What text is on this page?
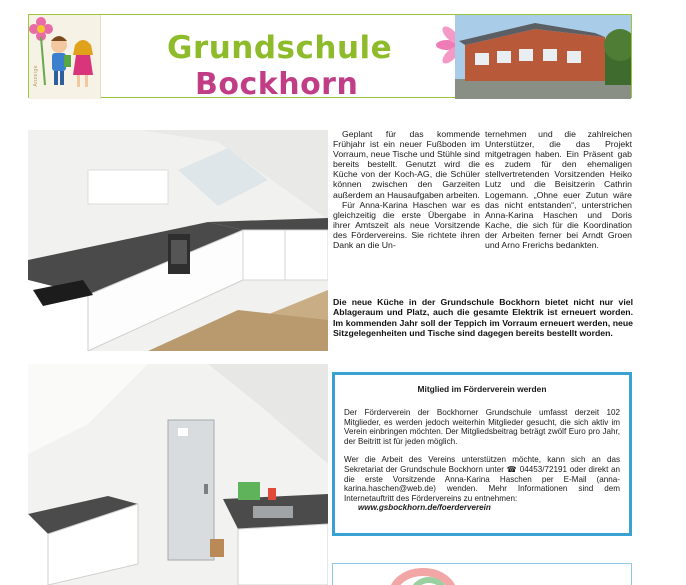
Anzeige
Grundschule
Bockhorn

Geplant für das kommende Frühjahr ist ein neuer Fußboden im Vorraum, neue Tische und Stühle sind bereits bestellt. Genutzt wird die Küche von der Koch-AG, die Schüler können zwischen den Garzeiten außerdem an Hausaufgaben arbeiten.

Für Anna-Karina Haschen war es gleichzeitig die erste Übergabe in ihrer Amtszeit als neue Vorsitzende des Fördervereins. Sie richtete ihren Dank an die Un-

ternehmen und die zahlreichen Unterstützer, die das Projekt mitgetragen haben. Ein Präsent gab es zudem für den ehemaligen stellvertretenden Vorsitzenden Heiko Lutz und die Beisitzerin Cathrin Logemann. „Ohne euer Zutun wäre das nicht entstanden“, unterstrichen Anna-Karina Haschen und Doris Kache, die sich für die Koordination der Arbeiten ferner bei Arndt Groen und Arno Frerichs bedankten.

Die neue Küche in der Grundschule Bockhorn bietet nicht nur viel Ablageraum und Platz, auch die gesamte Elektrik ist erneuert worden. Im kommenden Jahr soll der Teppich im Vorraum erneuert werden, neue Sitzgelegenheiten und Tische sind dagegen bereits bestellt worden.
Mitglied im Förderverein werden

Der Förderverein der Bockhorner Grundschule umfasst derzeit 102 Mitglieder, es werden jedoch weiterhin Mitglieder gesucht, die sich aktiv im Verein einbringen möchten. Der Mitgliedsbeitrag beträgt zwölf Euro pro Jahr, der Beitritt ist für jeden möglich.

Wer die Arbeit des Vereins unterstützen möchte, kann sich an das Sekretariat der Grundschule Bockhorn unter ☎ 04453/72191 oder direkt an die erste Vorsitzende Anna-Karina Haschen per E-Mail (anna-karina.haschen@web.de) wenden. Mehr Informationen sind dem Internetauftritt des Fördervereins zu entnehmen:

www.gsbockhorn.de/foerderverein
